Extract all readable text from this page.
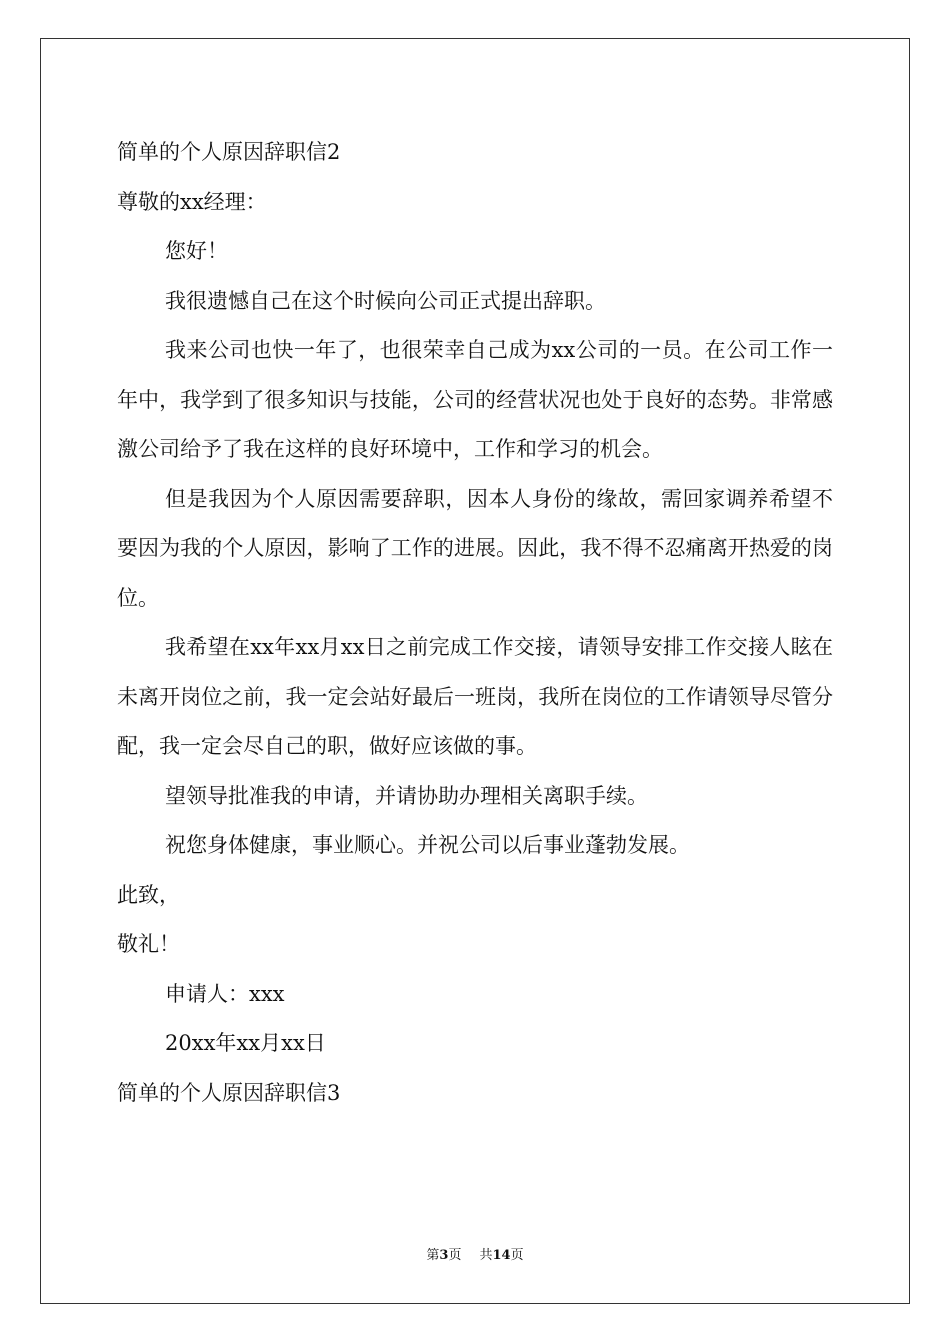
简单的个人原因辞职信2

尊敬的xx经理：

您好！

我很遗憾自己在这个时候向公司正式提出辞职。

我来公司也快一年了，也很荣幸自己成为xx公司的一员。在公司工作一年中，我学到了很多知识与技能，公司的经营状况也处于良好的态势。非常感激公司给予了我在这样的良好环境中，工作和学习的机会。

但是我因为个人原因需要辞职，因本人身份的缘故，需回家调养希望不要因为我的个人原因，影响了工作的进展。因此，我不得不忍痛离开热爱的岗位。

我希望在xx年xx月xx日之前完成工作交接，请领导安排工作交接人眩在未离开岗位之前，我一定会站好最后一班岗，我所在岗位的工作请领导尽管分配，我一定会尽自己的职，做好应该做的事。

望领导批准我的申请，并请协助办理相关离职手续。

祝您身体健康，事业顺心。并祝公司以后事业蓬勃发展。

此致，

敬礼！

申请人：xxx

20xx年xx月xx日

简单的个人原因辞职信3

第3页 共14页
